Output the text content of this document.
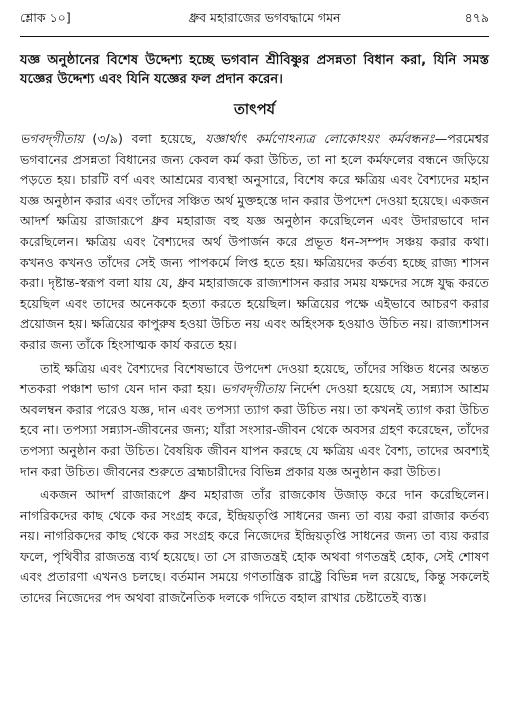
শ্লোক ১০]	ধ্রুব মহারাজের ভগবদ্ধামে গমন	৪৭৯
যজ্ঞ অনুষ্ঠানের বিশেষ উদ্দেশ্য হচ্ছে ভগবান শ্রীবিষ্ণুর প্রসন্নতা বিধান করা, যিনি সমস্ত যজ্ঞের উদ্দেশ্য এবং যিনি যজ্ঞের ফল প্রদান করেন।
তাৎপর্য

ভগবদ্‌গীতায় (৩/৯) বলা হয়েছে, যজ্ঞার্থাৎ কর্মণোঽন্যত্র লোকোঽয়ং কর্মবন্ধনঃ—পরমেশ্বর ভগবানের প্রসন্নতা বিধানের জন্য কেবল কর্ম করা উচিত, তা না হলে কর্মফলের বন্ধনে জড়িয়ে পড়তে হয়। চারটি বর্ণ এবং আশ্রমের ব্যবস্থা অনুসারে, বিশেষ করে ক্ষত্রিয় এবং বৈশ্যদের মহান যজ্ঞ অনুষ্ঠান করার এবং তাঁদের সঞ্চিত অর্থ মুক্তহস্তে দান করার উপদেশ দেওয়া হয়েছে। একজন আদর্শ ক্ষত্রিয় রাজারূপে ধ্রুব মহারাজ বহু যজ্ঞ অনুষ্ঠান করেছিলেন এবং উদারভাবে দান করেছিলেন। ক্ষত্রিয় এবং বৈশ্যদের অর্থ উপার্জন করে প্রভূত ধন-সম্পদ সঞ্চয় করার কথা। কখনও কখনও তাঁদের সেই জন্য পাপকর্মে লিপ্ত হতে হয়। ক্ষত্রিয়দের কর্তব্য হচ্ছে রাজ্য শাসন করা। দৃষ্টান্ত-স্বরূপ বলা যায় যে, ধ্রুব মহারাজকে রাজ্যশাসন করার সময় যক্ষদের সঙ্গে যুদ্ধ করতে হয়েছিল এবং তাদের অনেককে হত্যা করতে হয়েছিল। ক্ষত্রিয়ের পক্ষে এইভাবে আচরণ করার প্রয়োজন হয়। ক্ষত্রিয়ের কাপুরুষ হওয়া উচিত নয় এবং অহিংসক হওয়াও উচিত নয়। রাজ্যশাসন করার জন্য তাঁকে হিংসাত্মক কার্য করতে হয়।

তাই ক্ষত্রিয় এবং বৈশ্যদের বিশেষভাবে উপদেশ দেওয়া হয়েছে, তাঁদের সঞ্চিত ধনের অন্তত শতকরা পঞ্চাশ ভাগ যেন দান করা হয়। ভগবদ্‌গীতায় নির্দেশ দেওয়া হয়েছে যে, সন্ন্যাস আশ্রম অবলম্বন করার পরেও যজ্ঞ, দান এবং তপস্যা ত্যাগ করা উচিত নয়। তা কখনই ত্যাগ করা উচিত হবে না। তপস্যা সন্ন্যাস-জীবনের জন্য; যাঁরা সংসার-জীবন থেকে অবসর গ্রহণ করেছেন, তাঁদের তপস্যা অনুষ্ঠান করা উচিত। বৈষয়িক জীবন যাপন করছে যে ক্ষত্রিয় এবং বৈশ্য, তাদের অবশ্যই দান করা উচিত। জীবনের শুরুতে ব্রহ্মচারীদের বিভিন্ন প্রকার যজ্ঞ অনুষ্ঠান করা উচিত।

একজন আদর্শ রাজারূপে ধ্রুব মহারাজ তাঁর রাজকোষ উজাড় করে দান করেছিলেন। নাগরিকদের কাছ থেকে কর সংগ্রহ করে, ইন্দ্রিয়তৃপ্তি সাধনের জন্য তা ব্যয় করা রাজার কর্তব্য নয়। নাগরিকদের কাছ থেকে কর সংগ্রহ করে নিজেদের ইন্দ্রিয়তৃপ্তি সাধনের জন্য তা ব্যয় করার ফলে, পৃথিবীর রাজতন্ত্র ব্যর্থ হয়েছে। তা সে রাজতন্ত্রই হোক অথবা গণতন্ত্রই হোক, সেই শোষণ এবং প্রতারণা এখনও চলছে। বর্তমান সময়ে গণতান্ত্রিক রাষ্ট্রে বিভিন্ন দল রয়েছে, কিন্তু সকলেই তাদের নিজেদের পদ অথবা রাজনৈতিক দলকে গদিতে বহাল রাখার চেষ্টাতেই ব্যস্ত।
